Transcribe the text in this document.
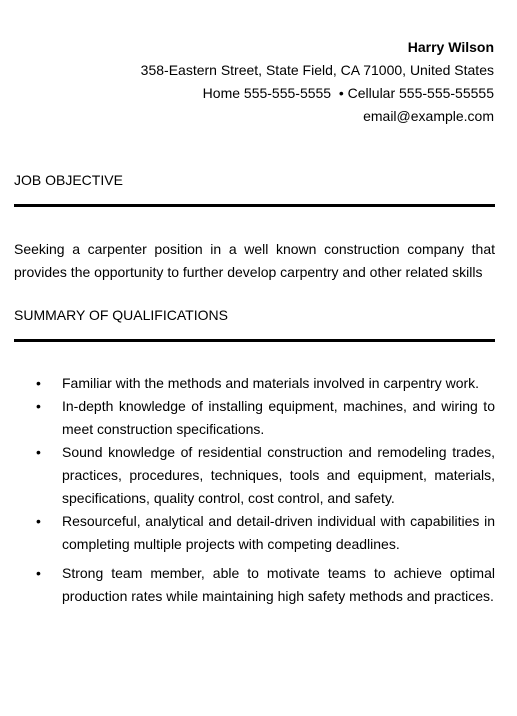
Harry Wilson
358-Eastern Street, State Field, CA 71000, United States
Home 555-555-5555  • Cellular 555-555-55555
email@example.com
JOB OBJECTIVE
Seeking a carpenter position in a well known construction company that provides the opportunity to further develop carpentry and other related skills
SUMMARY OF QUALIFICATIONS
• Familiar with the methods and materials involved in carpentry work.
• In-depth knowledge of installing equipment, machines, and wiring to meet construction specifications.
• Sound knowledge of residential construction and remodeling trades, practices, procedures, techniques, tools and equipment, materials, specifications, quality control, cost control, and safety.
• Resourceful, analytical and detail-driven individual with capabilities in completing multiple projects with competing deadlines.
• Strong team member, able to motivate teams to achieve optimal production rates while maintaining high safety methods and practices.
